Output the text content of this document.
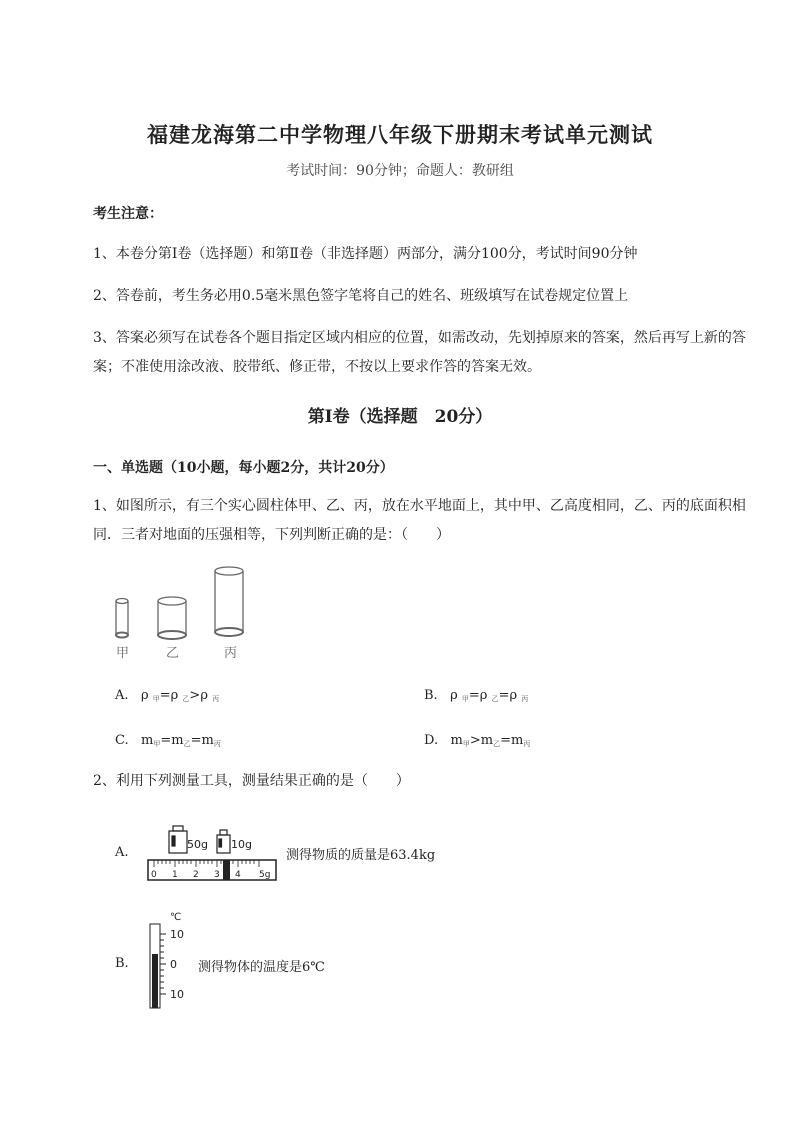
福建龙海第二中学物理八年级下册期末考试单元测试
考试时间：90分钟；命题人：教研组
考生注意：
1、本卷分第Ⅰ卷（选择题）和第Ⅱ卷（非选择题）两部分，满分100分，考试时间90分钟
2、答卷前，考生务必用0.5毫米黑色签字笔将自己的姓名、班级填写在试卷规定位置上
3、答案必须写在试卷各个题目指定区域内相应的位置，如需改动，先划掉原来的答案，然后再写上新的答案；不准使用涂改液、胶带纸、修正带，不按以上要求作答的答案无效。
第Ⅰ卷（选择题　20分）
一、单选题（10小题，每小题2分，共计20分）
1、如图所示，有三个实心圆柱体甲、乙、丙，放在水平地面上，其中甲、乙高度相同，乙、丙的底面积相同．三者对地面的压强相等，下列判断正确的是：（　　）
甲	乙	丙
A. ρ $_甲$=ρ $_乙$>ρ $_丙$	B. ρ $_甲$=ρ $_乙$=ρ $_丙$
C. $m_甲=m_乙=m_丙$	D. $m_甲>m_乙=m_丙$
2、利用下列测量工具，测量结果正确的是（　　）
A.
50g 10g
0 1 2 3 4 5g
测得物质的质量是63.4kg
B.
℃
10
0
10
测得物体的温度是6℃
